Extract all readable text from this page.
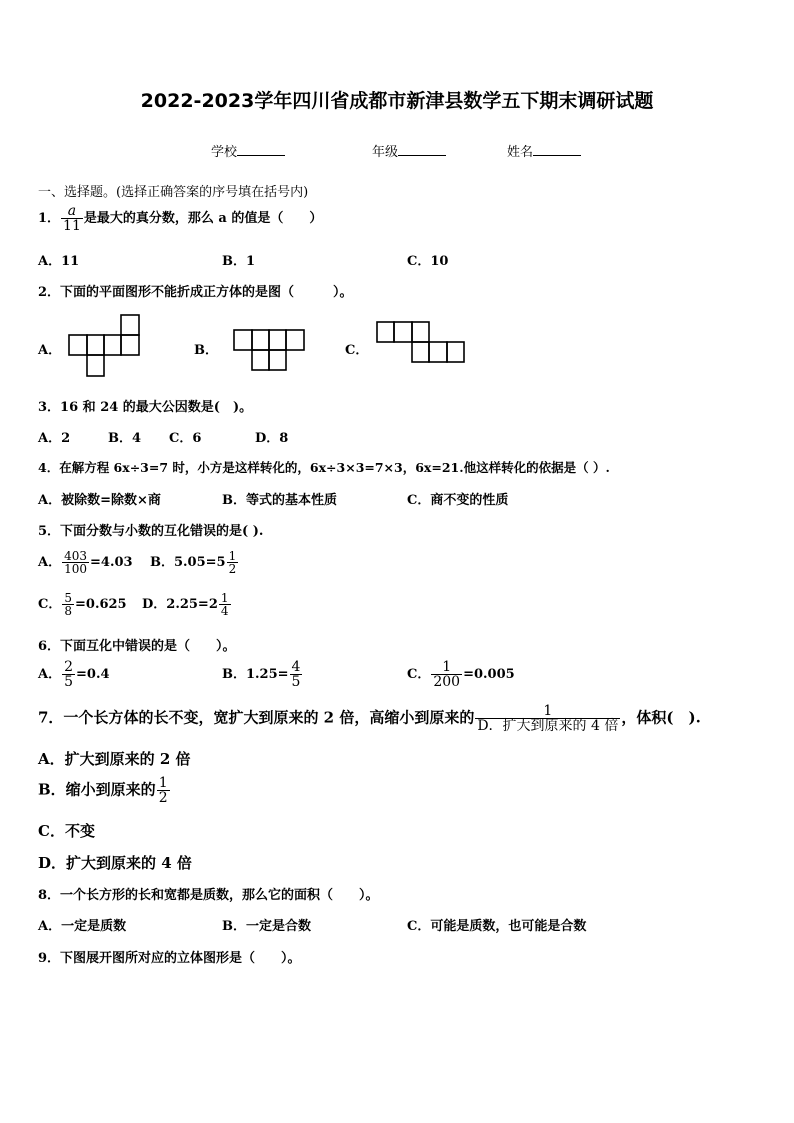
2022-2023学年四川省成都市新津县数学五下期末调研试题
学校	年级	姓名
一、选择题。(选择正确答案的序号填在括号内)
1． $\frac{a}{11}$ 是最大的真分数，那么 a 的值是（　　）
A．11	B．1	C．10
2．下面的平面图形不能折成正方体的是图（　　　）。
A．	B．	C．
3．16 和 24 的最大公因数是(　)。
A．2	B．4 C．6	D．8
4．在解方程 6x÷3=7 时，小方是这样转化的，6x÷3×3=7×3，6x=21.他这样转化的依据是（ ）.
A．被除数=除数×商	B．等式的基本性质	C．商不变的性质
5．下面分数与小数的互化错误的是( ).
A． $\frac{403}{100} =4.03$ B．$5.05=5 \frac{1}{2}$
C． $\frac{5}{8} =0.625$ D．$2.25=2 \frac{1}{4}$
6．下面互化中错误的是（　　）。
A． $\frac{2}{5} =0.4$	B．$1.25= \frac{4}{5}$	C． $\frac{1}{200} =0.005$
7．一个长方体的长不变，宽扩大到原来的 2 倍，高缩小到原来的 $\frac{1}{\text{D．扩大到原来的 4 倍}}$ ，体积(　).
A．扩大到原来的 2 倍
B．缩小到原来的 $\frac{1}{2}$
C．不变
D．扩大到原来的 4 倍
8．一个长方形的长和宽都是质数，那么它的面积（　　）。
A．一定是质数	B．一定是合数	C．可能是质数，也可能是合数
9．下图展开图所对应的立体图形是（　　）。
